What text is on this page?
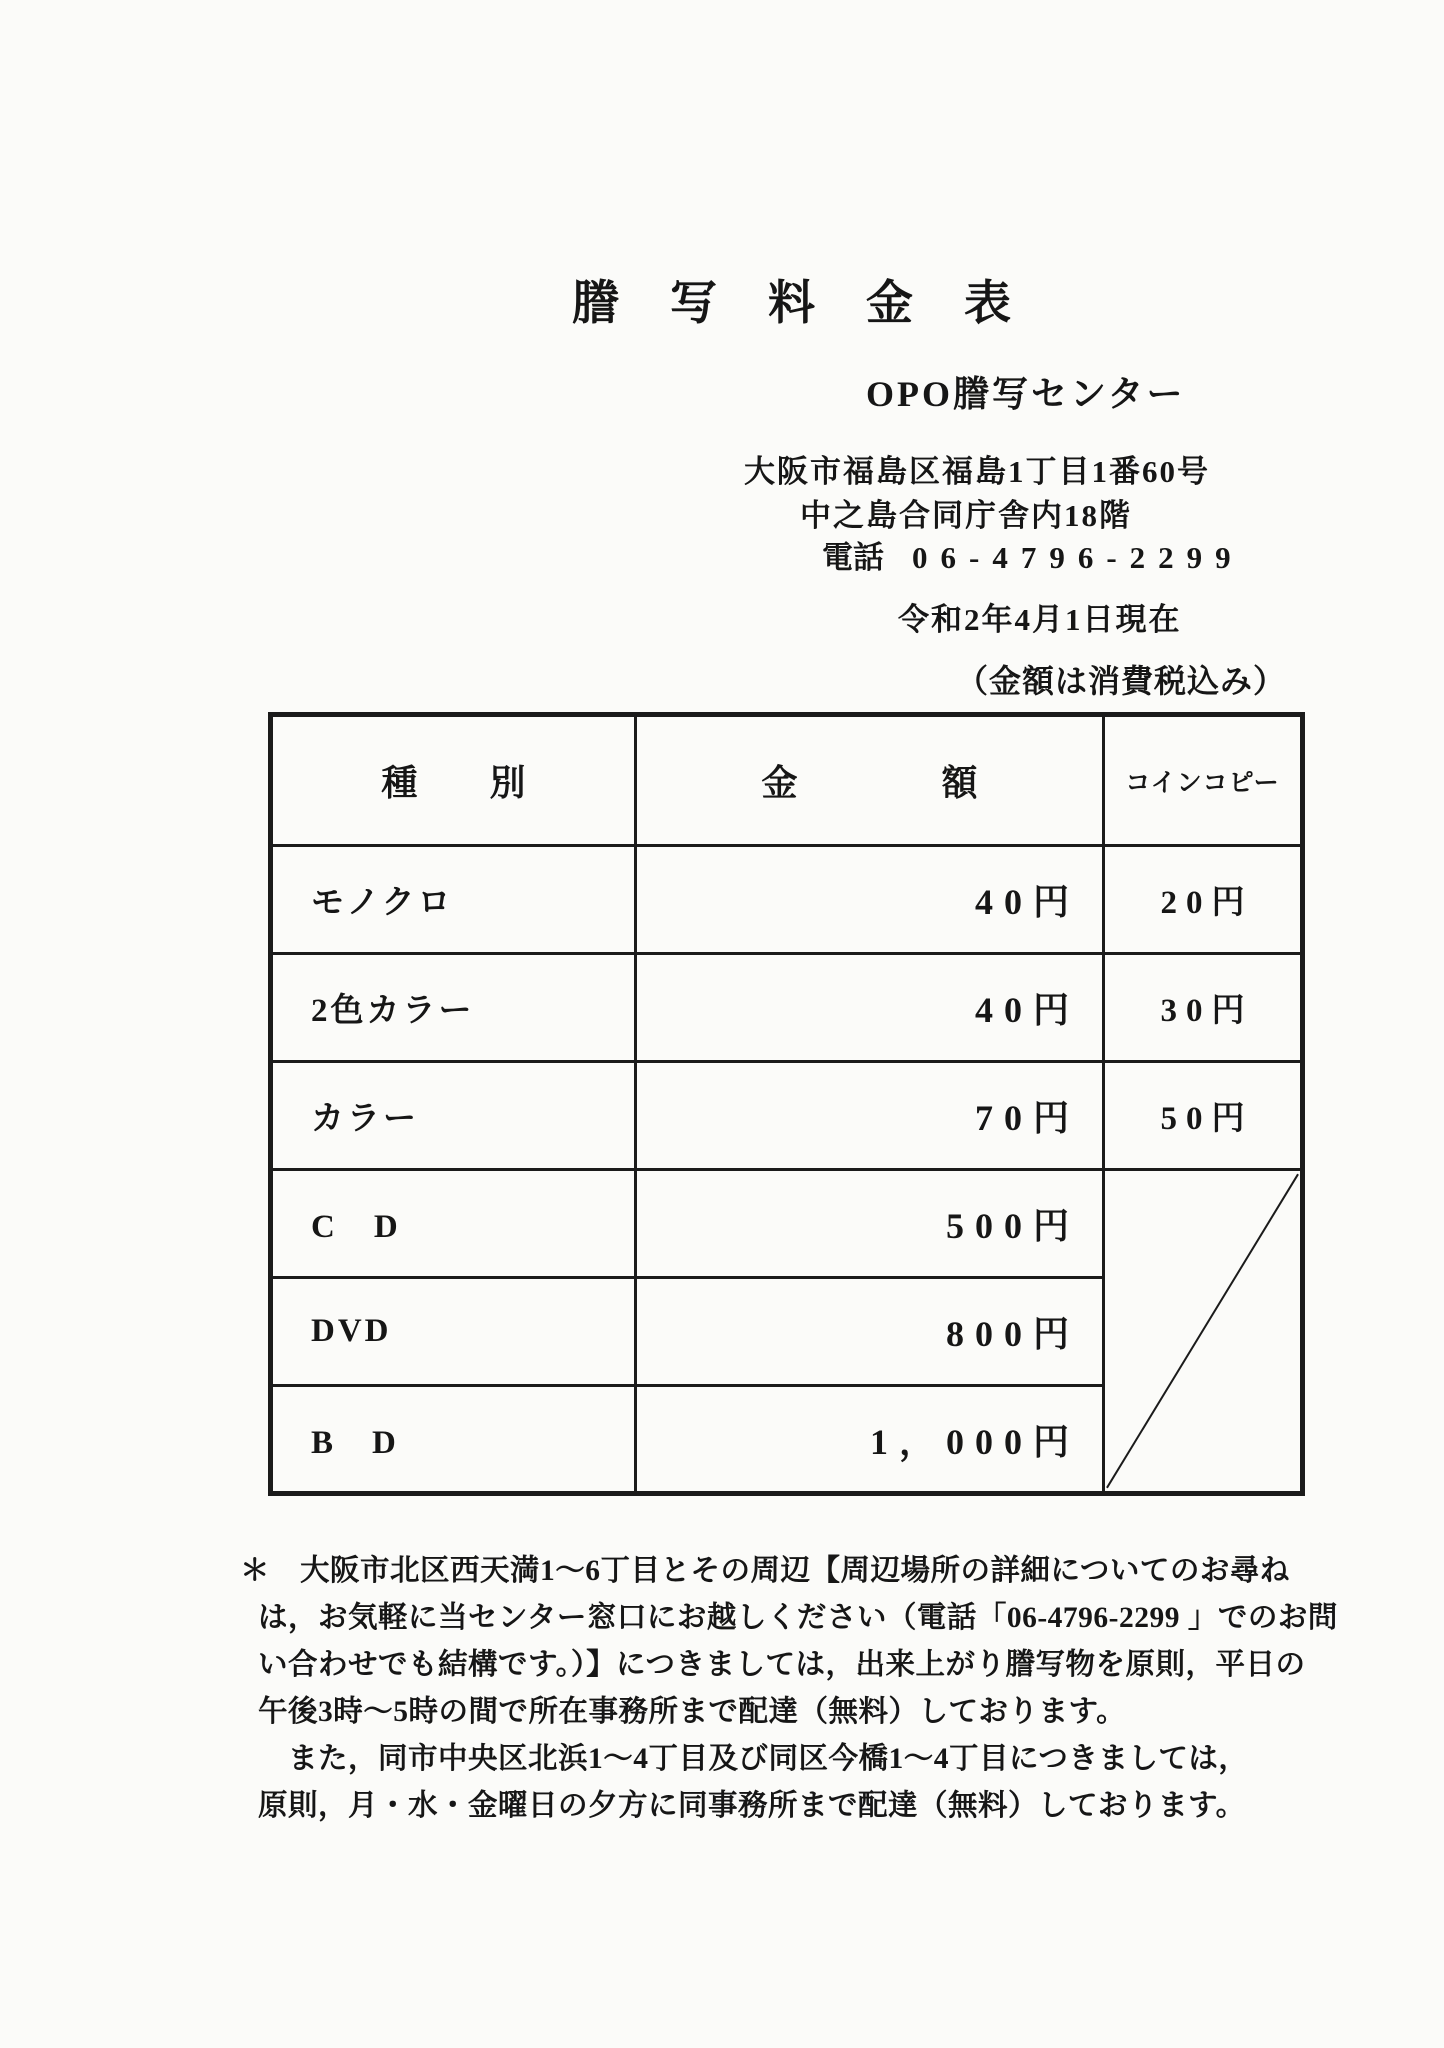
謄　写　料　金　表
OPO謄写センター
大阪市福島区福島1丁目1番60号
中之島合同庁舎内18階
電話 06-4796-2299
令和2年4月1日現在
（金額は消費税込み）
種　　別	金　　　　額	コインコピー
モノクロ	40円	20円
2色カラー	40円	30円
カラー	70円	50円
C　D	500円	

DVD	800円	
B　D	1，000円	
＊　大阪市北区西天満1～6丁目とその周辺【周辺場所の詳細についてのお尋ね
は，お気軽に当センター窓口にお越しください（電話「06-4796-2299 」でのお問
い合わせでも結構です。）】につきましては，出来上がり謄写物を原則，平日の
午後3時～5時の間で所在事務所まで配達（無料）しております。
　また，同市中央区北浜1～4丁目及び同区今橋1～4丁目につきましては，
原則，月・水・金曜日の夕方に同事務所まで配達（無料）しております。
